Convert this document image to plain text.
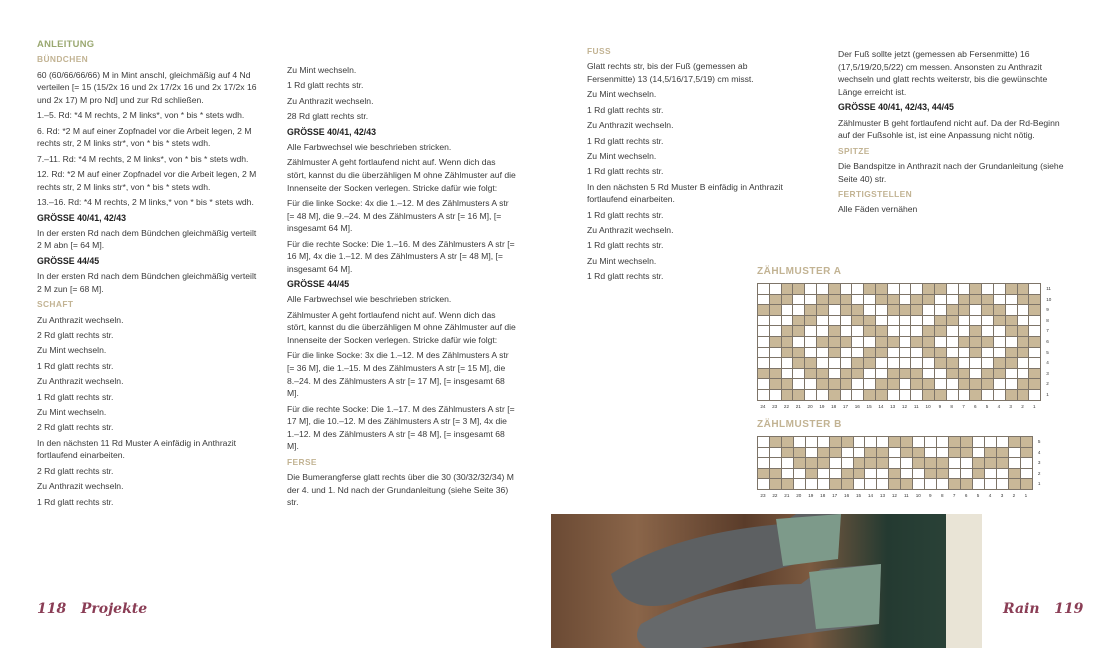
ANLEITUNG

BÜNDCHEN

60 (60/66/66/66) M in Mint anschl, gleichmäßig auf 4 Nd verteilen [= 15 (15/2x 16 und 2x 17/2x 16 und 2x 17/2x 16 und 2x 17) M pro Nd] und zur Rd schließen.

1.–5. Rd: *4 M rechts, 2 M links*, von * bis * stets wdh.

6. Rd: *2 M auf einer Zopfnadel vor die Arbeit legen, 2 M rechts str, 2 M links str*, von * bis * stets wdh.

7.–11. Rd: *4 M rechts, 2 M links*, von * bis * stets wdh.

12. Rd: *2 M auf einer Zopfnadel vor die Arbeit legen, 2 M rechts str, 2 M links str*, von * bis * stets wdh.

13.–16. Rd: *4 M rechts, 2 M links,* von * bis * stets wdh.

GRÖSSE 40/41, 42/43

In der ersten Rd nach dem Bündchen gleichmäßig verteilt 2 M abn [= 64 M].

GRÖSSE 44/45

In der ersten Rd nach dem Bündchen gleichmäßig verteilt 2 M zun [= 68 M].

SCHAFT

Zu Anthrazit wechseln.

2 Rd glatt rechts str.

Zu Mint wechseln.

1 Rd glatt rechts str.

Zu Anthrazit wechseln.

1 Rd glatt rechts str.

Zu Mint wechseln.

2 Rd glatt rechts str.

In den nächsten 11 Rd Muster A einfädig in Anthrazit fortlaufend einarbeiten.

2 Rd glatt rechts str.

Zu Anthrazit wechseln.

1 Rd glatt rechts str.

Zu Mint wechseln.

1 Rd glatt rechts str.

Zu Anthrazit wechseln.

28 Rd glatt rechts str.

GRÖSSE 40/41, 42/43

Alle Farbwechsel wie beschrieben stricken.

Zählmuster A geht fortlaufend nicht auf. Wenn dich das stört, kannst du die überzähligen M ohne Zählmuster auf die Innenseite der Socken verlegen. Stricke dafür wie folgt:

Für die linke Socke: 4x die 1.–12. M des Zählmusters A str [= 48 M], die 9.–24. M des Zählmusters A str [= 16 M], [= insgesamt 64 M].

Für die rechte Socke: Die 1.–16. M des Zählmusters A str [= 16 M], 4x die 1.–12. M des Zählmusters A str [= 48 M], [= insgesamt 64 M].

GRÖSSE 44/45

Alle Farbwechsel wie beschrieben stricken.

Zählmuster A geht fortlaufend nicht auf. Wenn dich das stört, kannst du die überzähligen M ohne Zählmuster auf die Innenseite der Socken verlegen. Stricke dafür wie folgt:

Für die linke Socke: 3x die 1.–12. M des Zählmusters A str [= 36 M], die 1.–15. M des Zählmusters A str [= 15 M], die 8.–24. M des Zählmusters A str [= 17 M], [= insgesamt 68 M].

Für die rechte Socke: Die 1.–17. M des Zählmusters A str [= 17 M], die 10.–12. M des Zählmusters A str [= 3 M], 4x die 1.–12. M des Zählmusters A str [= 48 M], [= insgesamt 68 M].

FERSE

Die Bumerangferse glatt rechts über die 30 (30/32/32/34) M der 4. und 1. Nd nach der Grundanleitung (siehe Seite 36) str.

FUSS

Glatt rechts str, bis der Fuß (gemessen ab Fersenmitte) 13 (14,5/16/17,5/19) cm misst.

Zu Mint wechseln.

1 Rd glatt rechts str.

Zu Anthrazit wechseln.

1 Rd glatt rechts str.

Zu Mint wechseln.

1 Rd glatt rechts str.

In den nächsten 5 Rd Muster B einfädig in Anthrazit fortlaufend einarbeiten.

1 Rd glatt rechts str.

Zu Anthrazit wechseln.

1 Rd glatt rechts str.

Zu Mint wechseln.

1 Rd glatt rechts str.

Der Fuß sollte jetzt (gemessen ab Fersenmitte) 16 (17,5/19/20,5/22) cm messen. Ansonsten zu Anthrazit wechseln und glatt rechts weiterstr, bis die gewünschte Länge erreicht ist.

GRÖSSE 40/41, 42/43, 44/45

Zählmuster B geht fortlaufend nicht auf. Da der Rd-Beginn auf der Fußsohle ist, ist eine Anpassung nicht nötig.

SPITZE

Die Bandspitze in Anthrazit nach der Grundanleitung (siehe Seite 40) str.

FERTIGSTELLEN

Alle Fäden vernähen

ZÄHLMUSTER A
11
10
9
8
7
6
5
4
3
2
1
24	23	22	21	20	19	18	17	16	15	14	13	12	11	10	9	8	7	6	5	4	3	2	1
ZÄHLMUSTER B
5
4
3
2
1
23	22	21	20	19	18	17	16	15	14	13	12	11	10	9	8	7	6	5	4	3	2	1
118 Projekte	Rain 119
